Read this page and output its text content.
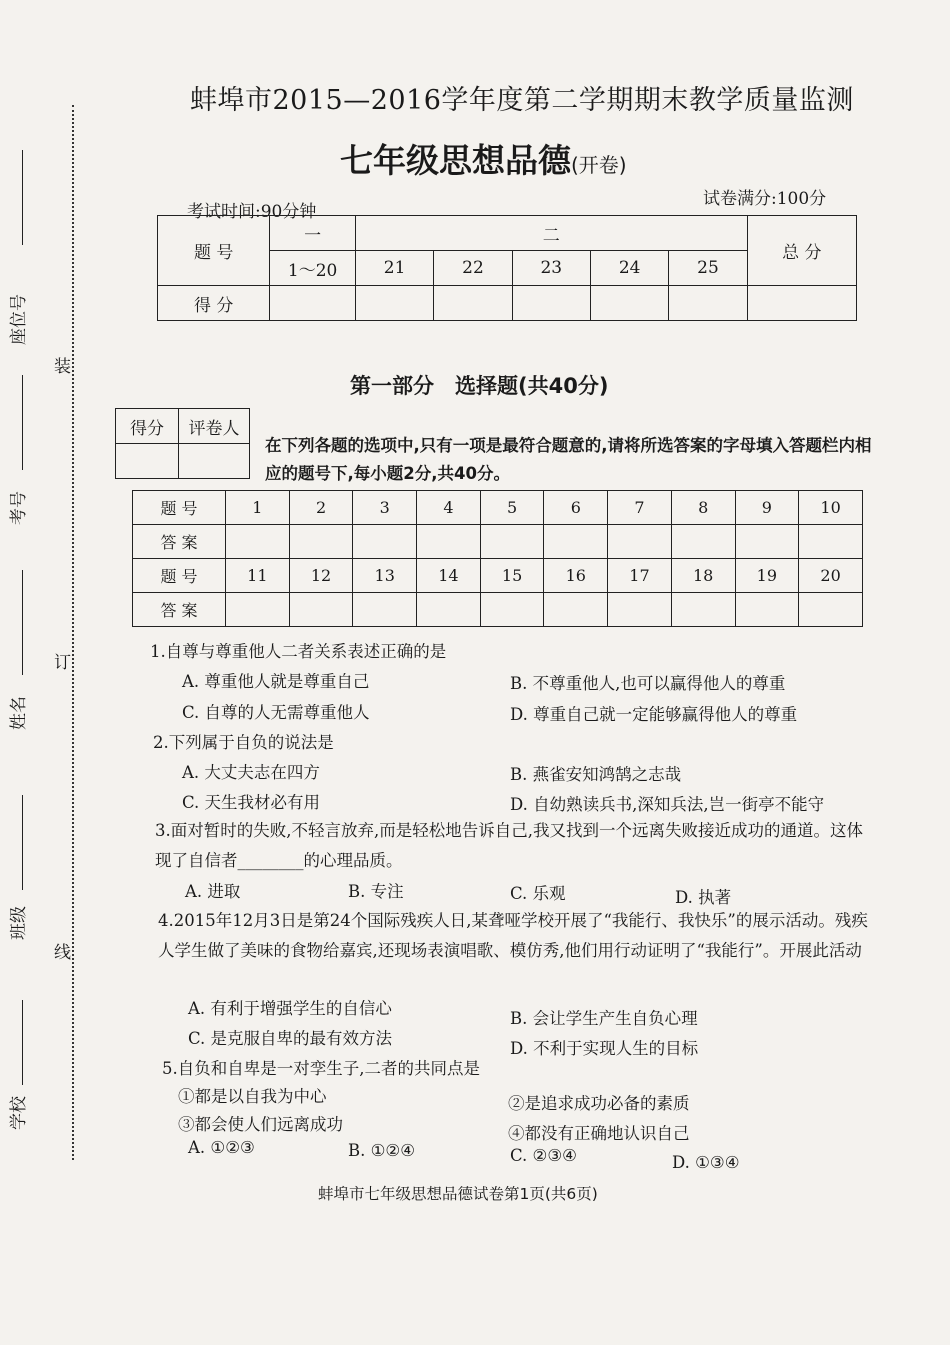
座位号
考号
姓名
班级
学校
装
订
线
蚌埠市2015—2016学年度第二学期期末教学质量监测
七年级思想品德(开卷)
考试时间:90分钟
试卷满分:100分
题 号	一	二					总 分
	1～20	21	22	23	24	25	
得 分							
第一部分　选择题(共40分)
得分	评卷人

在下列各题的选项中,只有一项是最符合题意的,请将所选答案的字母填入答题栏内相应的题号下,每小题2分,共40分。
题 号	1	2	3	4	5	6	7	8	9	10
答 案										
题 号	11	12	13	14	15	16	17	18	19	20
答 案										
1.自尊与尊重他人二者关系表述正确的是
A. 尊重他人就是尊重自己	B. 不尊重他人,也可以赢得他人的尊重
C. 自尊的人无需尊重他人	D. 尊重自己就一定能够赢得他人的尊重
2.下列属于自负的说法是
A. 大丈夫志在四方	B. 燕雀安知鸿鹄之志哉
C. 天生我材必有用	D. 自幼熟读兵书,深知兵法,岂一街亭不能守
3.面对暂时的失败,不轻言放弃,而是轻松地告诉自己,我又找到一个远离失败接近成功的通道。这体现了自信者________的心理品质。
A. 进取	B. 专注	C. 乐观	D. 执著
4.2015年12月3日是第24个国际残疾人日,某聋哑学校开展了“我能行、我快乐”的展示活动。残疾人学生做了美味的食物给嘉宾,还现场表演唱歌、模仿秀,他们用行动证明了“我能行”。开展此活动
A. 有利于增强学生的自信心
B. 会让学生产生自负心理
C. 是克服自卑的最有效方法
D. 不利于实现人生的目标
5.自负和自卑是一对孪生子,二者的共同点是
①都是以自我为中心	②是追求成功必备的素质
③都会使人们远离成功	④都没有正确地认识自己
A. ①②③	B. ①②④	C. ②③④	D. ①③④
蚌埠市七年级思想品德试卷第1页(共6页)
